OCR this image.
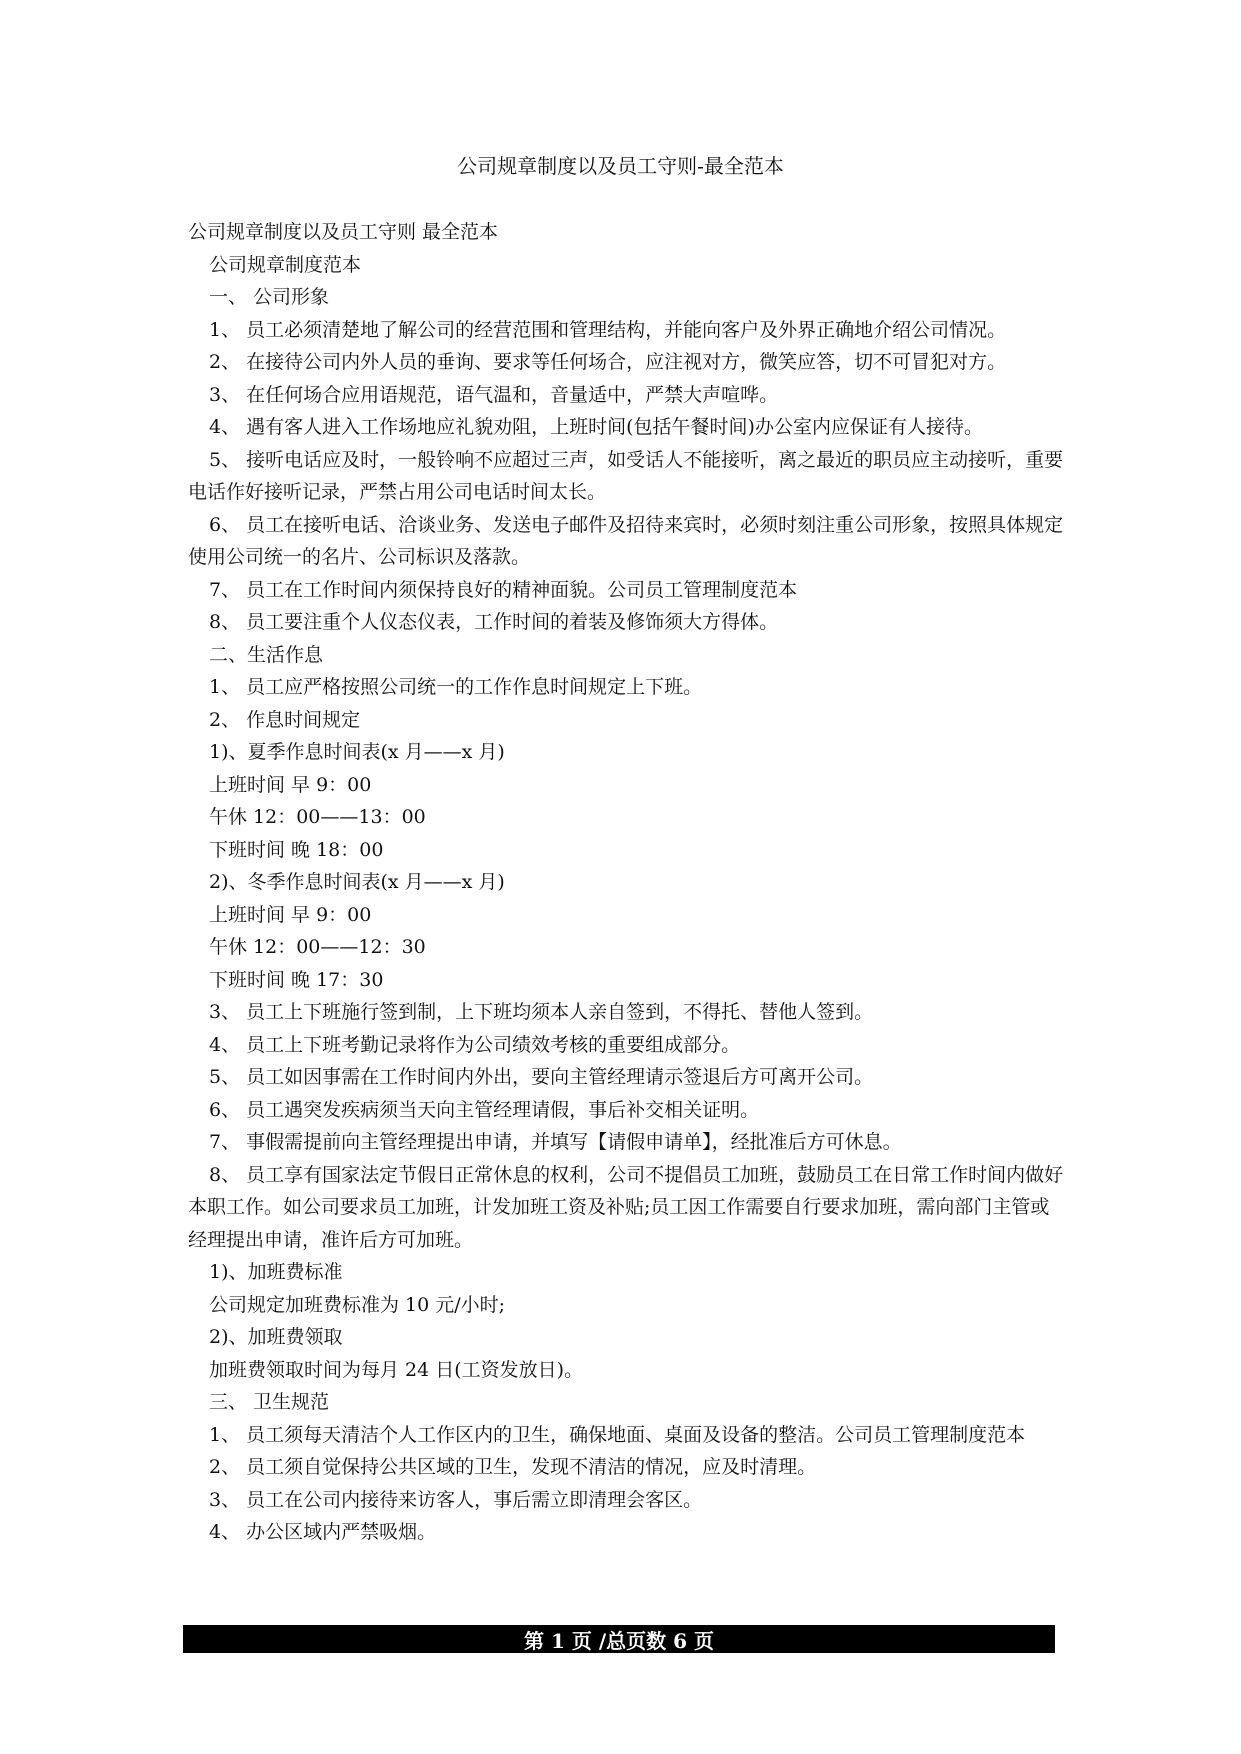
公司规章制度以及员工守则-最全范本

公司规章制度以及员工守则 最全范本

公司规章制度范本

一、 公司形象

1、 员工必须清楚地了解公司的经营范围和管理结构，并能向客户及外界正确地介绍公司情况。

2、 在接待公司内外人员的垂询、要求等任何场合，应注视对方，微笑应答，切不可冒犯对方。

3、 在任何场合应用语规范，语气温和，音量适中，严禁大声喧哗。

4、 遇有客人进入工作场地应礼貌劝阻，上班时间(包括午餐时间)办公室内应保证有人接待。

5、 接听电话应及时，一般铃响不应超过三声，如受话人不能接听，离之最近的职员应主动接听，重要电话作好接听记录，严禁占用公司电话时间太长。

6、 员工在接听电话、洽谈业务、发送电子邮件及招待来宾时，必须时刻注重公司形象，按照具体规定使用公司统一的名片、公司标识及落款。

7、 员工在工作时间内须保持良好的精神面貌。公司员工管理制度范本

8、 员工要注重个人仪态仪表，工作时间的着装及修饰须大方得体。

二、生活作息

1、 员工应严格按照公司统一的工作作息时间规定上下班。

2、 作息时间规定

1)、夏季作息时间表(x 月——x 月)

上班时间 早 9：00

午休 12：00——13：00

下班时间 晚 18：00

2)、冬季作息时间表(x 月——x 月)

上班时间 早 9：00

午休 12：00——12：30

下班时间 晚 17：30

3、 员工上下班施行签到制，上下班均须本人亲自签到，不得托、替他人签到。

4、 员工上下班考勤记录将作为公司绩效考核的重要组成部分。

5、 员工如因事需在工作时间内外出，要向主管经理请示签退后方可离开公司。

6、 员工遇突发疾病须当天向主管经理请假，事后补交相关证明。

7、 事假需提前向主管经理提出申请，并填写【请假申请单】，经批准后方可休息。

8、 员工享有国家法定节假日正常休息的权利，公司不提倡员工加班，鼓励员工在日常工作时间内做好本职工作。如公司要求员工加班，计发加班工资及补贴;员工因工作需要自行要求加班，需向部门主管或经理提出申请，准许后方可加班。

1)、加班费标准

公司规定加班费标准为 10 元/小时;

2)、加班费领取

加班费领取时间为每月 24 日(工资发放日)。

三、 卫生规范

1、 员工须每天清洁个人工作区内的卫生，确保地面、桌面及设备的整洁。公司员工管理制度范本

2、 员工须自觉保持公共区域的卫生，发现不清洁的情况，应及时清理。

3、 员工在公司内接待来访客人，事后需立即清理会客区。

4、 办公区域内严禁吸烟。

第 1 页 /总页数 6 页
